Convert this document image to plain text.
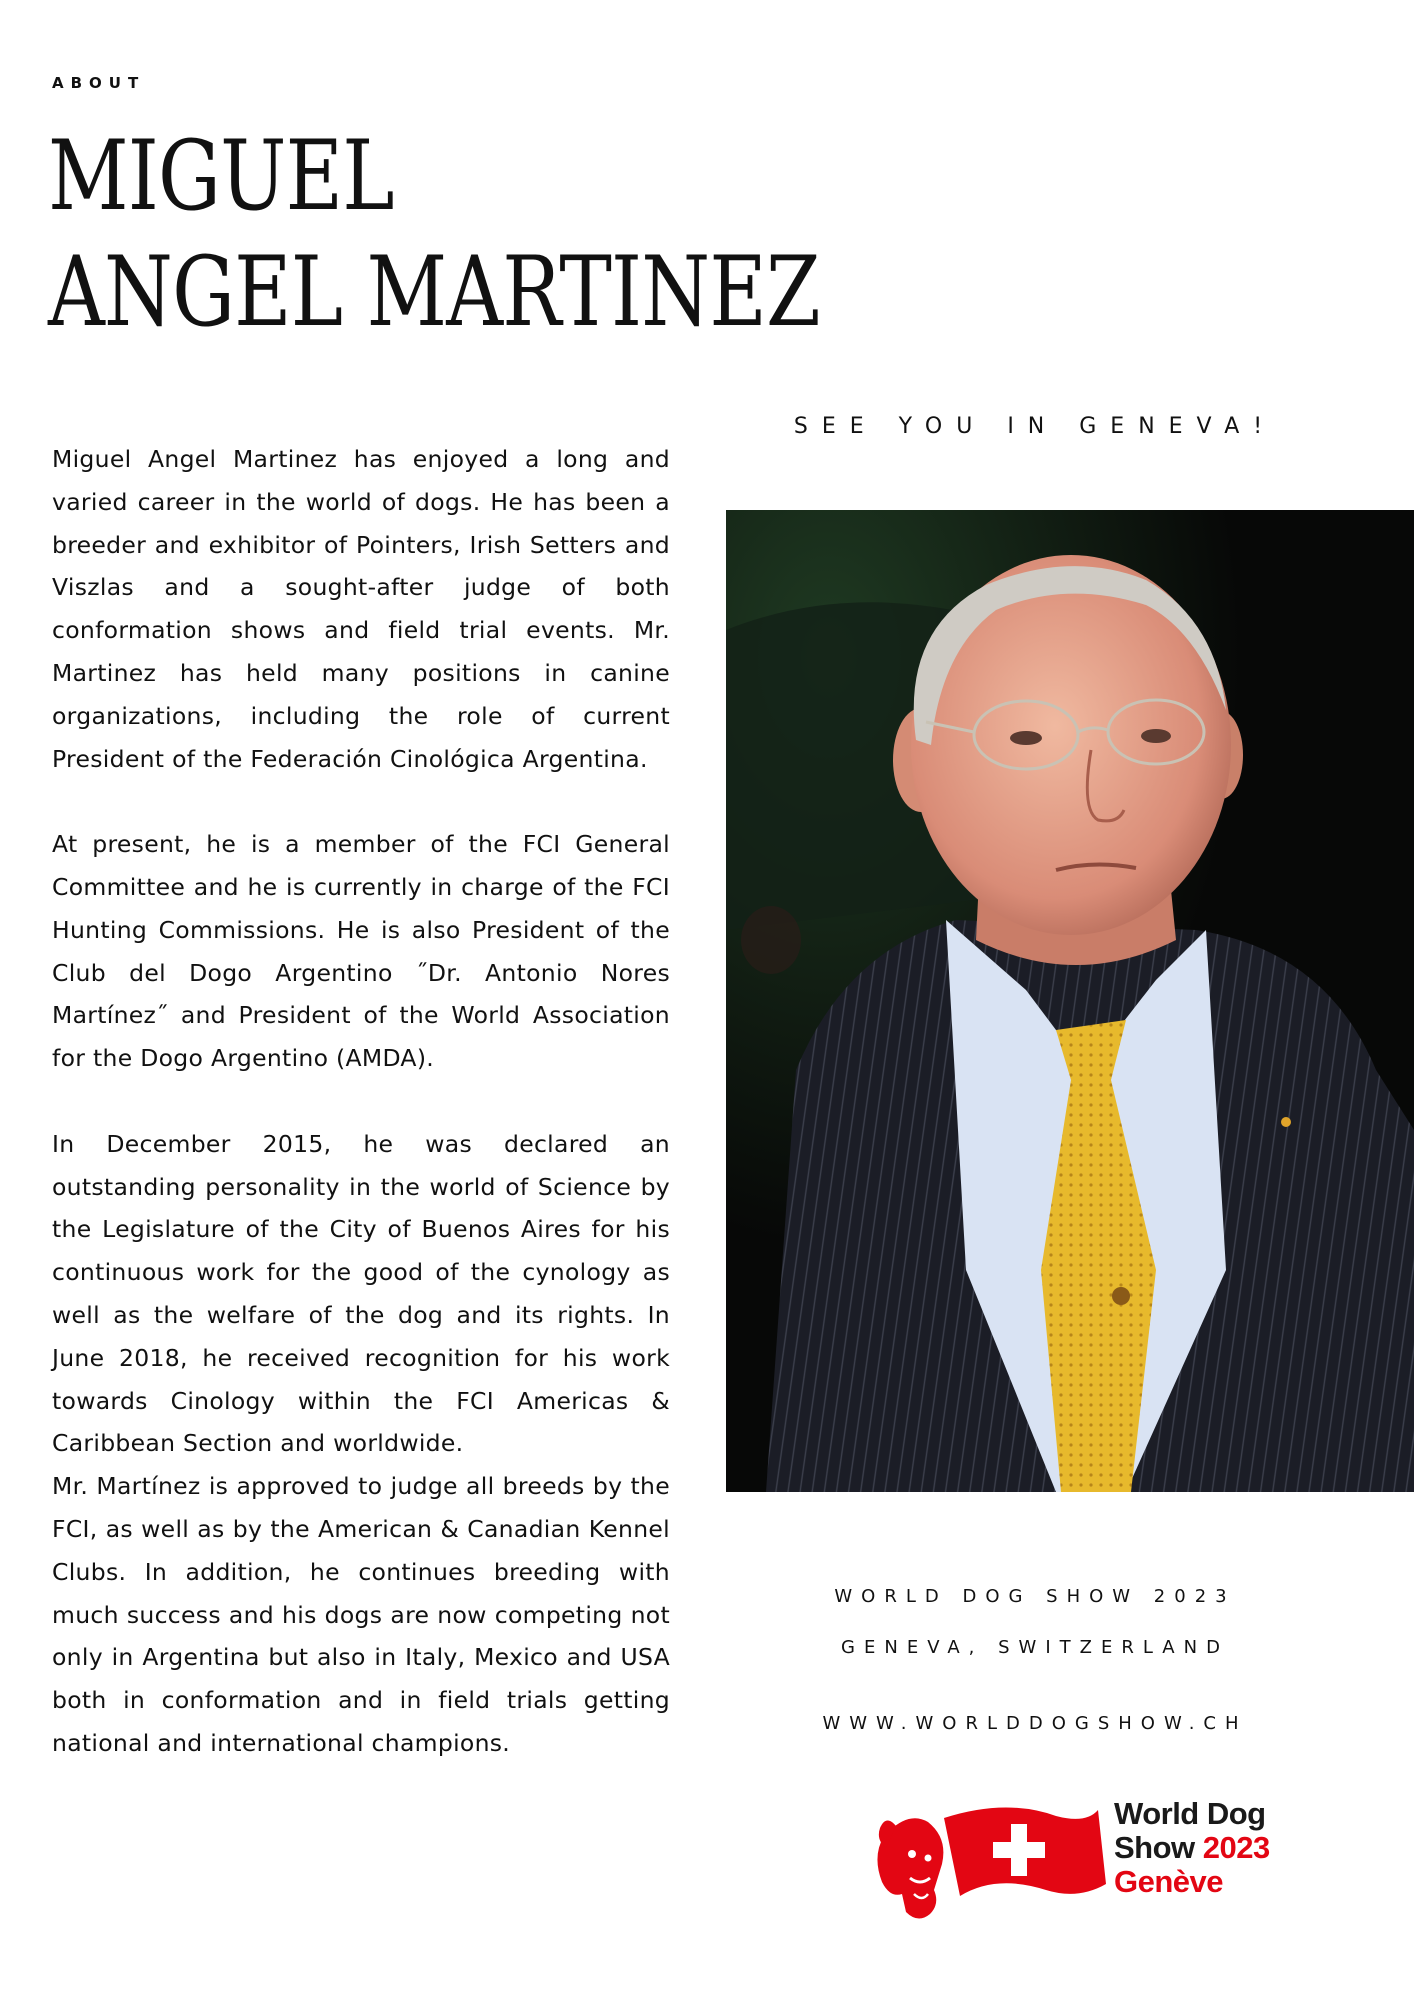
ABOUT
MIGUEL
ANGEL MARTINEZ

Miguel Angel Martinez has enjoyed a long and varied career in the world of dogs. He has been a breeder and exhibitor of Pointers, Irish Setters and Viszlas and a sought-after judge of both conformation shows and field trial events. Mr. Martinez has held many positions in canine organizations, including the role of current President of the Federación Cinológica Argentina.

At present, he is a member of the FCI General Committee and he is currently in charge of the FCI Hunting Commissions. He is also President of the Club del Dogo Argentino ˝Dr. Antonio Nores Martínez˝ and President of the World Association for the Dogo Argentino (AMDA).

In December 2015, he was declared an outstanding personality in the world of Science by the Legislature of the City of Buenos Aires for his continuous work for the good of the cynology as well as the welfare of the dog and its rights. In June 2018, he received recognition for his work towards Cinology within the FCI Americas & Caribbean Section and worldwide.

Mr. Martínez is approved to judge all breeds by the FCI, as well as by the American & Canadian Kennel Clubs. In addition, he continues breeding with much success and his dogs are now competing not only in Argentina but also in Italy, Mexico and USA both in conformation and in field trials getting national and international champions.

SEE YOU IN GENEVA!
WORLD DOG SHOW 2023
GENEVA, SWITZERLAND
WWW.WORLDDOGSHOW.CH
World Dog
Show 2023
Genève
